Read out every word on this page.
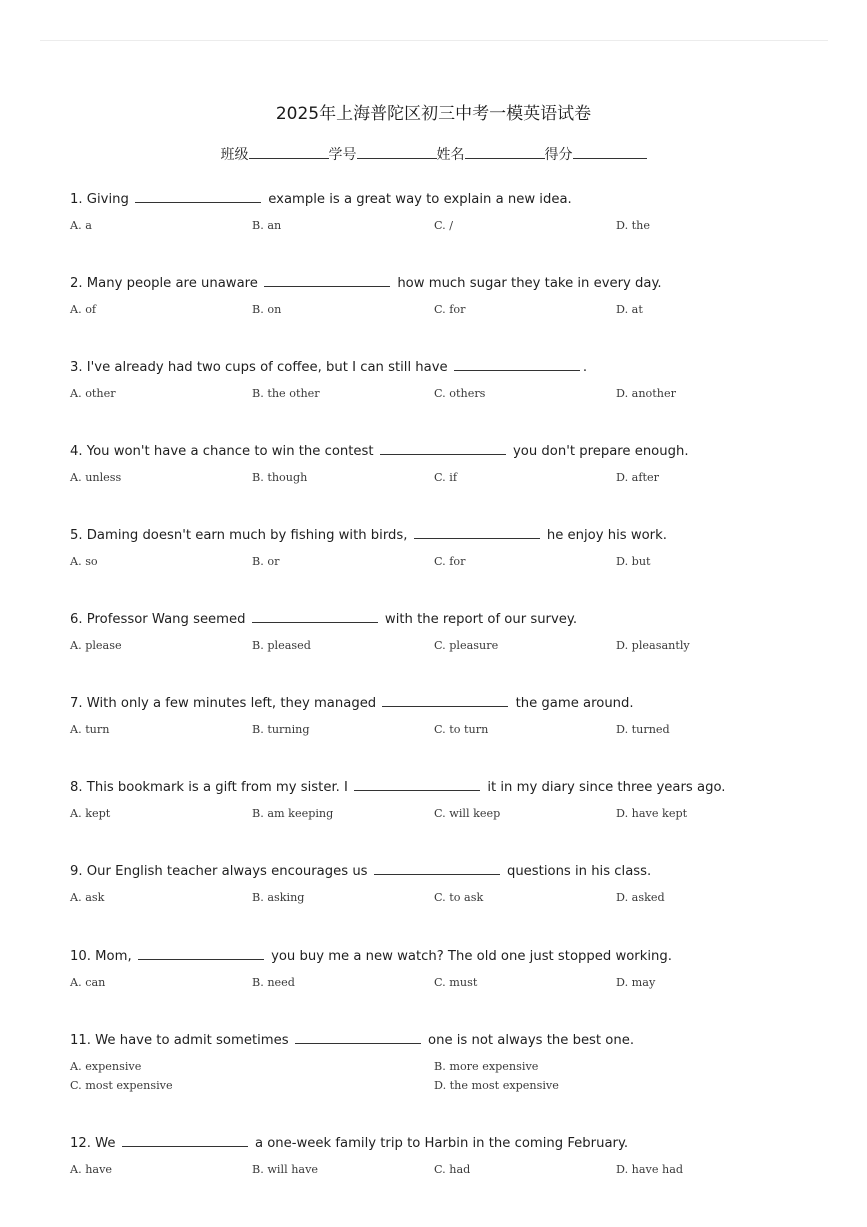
2025年上海普陀区初三中考一模英语试卷
班级	学号	姓名	得分
1. Giving	example is a great way to explain a new idea.
A. a	B. an	C. /	D. the
2. Many people are unaware	how much sugar they take in every day.
A. of	B. on	C. for	D. at
3. I've already had two cups of coffee, but I can still have	.
A. other	B. the other	C. others	D. another
4. You won't have a chance to win the contest	you don't prepare enough.
A. unless	B. though	C. if	D. after
5. Daming doesn't earn much by fishing with birds,	he enjoy his work.
A. so	B. or	C. for	D. but
6. Professor Wang seemed	with the report of our survey.
A. please	B. pleased	C. pleasure	D. pleasantly
7. With only a few minutes left, they managed	the game around.
A. turn	B. turning	C. to turn	D. turned
8. This bookmark is a gift from my sister. I	it in my diary since three years ago.
A. kept	B. am keeping	C. will keep	D. have kept
9. Our English teacher always encourages us	questions in his class.
A. ask	B. asking	C. to ask	D. asked
10. Mom,	you buy me a new watch? The old one just stopped working.
A. can	B. need	C. must	D. may
11. We have to admit sometimes	one is not always the best one.
A. expensive	B. more expensive
C. most expensive	D. the most expensive
12. We	a one-week family trip to Harbin in the coming February.
A. have	B. will have	C. had	D. have had
